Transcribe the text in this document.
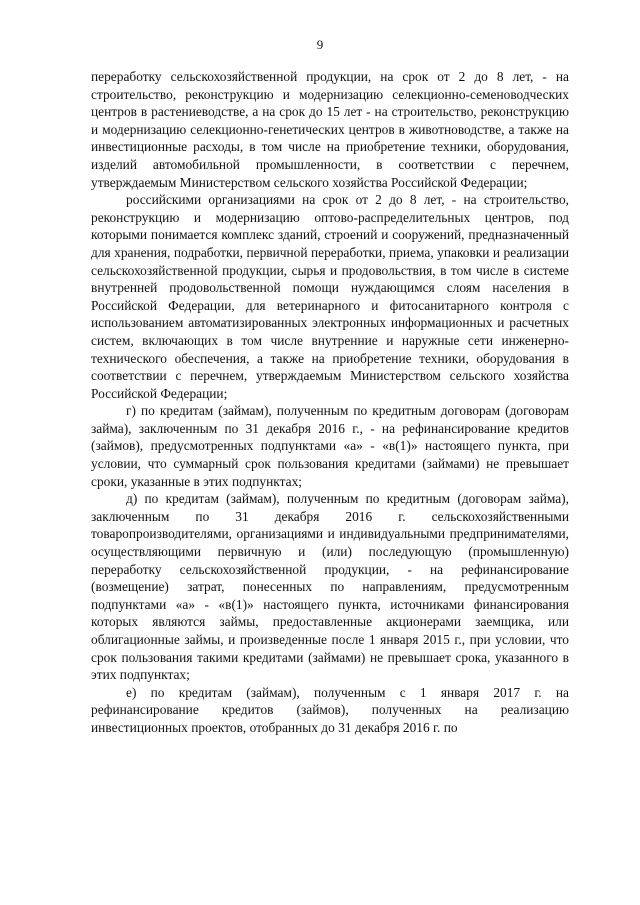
9

переработку сельскохозяйственной продукции, на срок от 2 до 8 лет, - на строительство, реконструкцию и модернизацию селекционно-семеноводческих центров в растениеводстве, а на срок до 15 лет - на строительство, реконструкцию и модернизацию селекционно-генетических центров в животноводстве, а также на инвестиционные расходы, в том числе на приобретение техники, оборудования, изделий автомобильной промышленности, в соответствии с перечнем, утверждаемым Министерством сельского хозяйства Российской Федерации;

российскими организациями на срок от 2 до 8 лет, - на строительство, реконструкцию и модернизацию оптово-распределительных центров, под которыми понимается комплекс зданий, строений и сооружений, предназначенный для хранения, подработки, первичной переработки, приема, упаковки и реализации сельскохозяйственной продукции, сырья и продовольствия, в том числе в системе внутренней продовольственной помощи нуждающимся слоям населения в Российской Федерации, для ветеринарного и фитосанитарного контроля с использованием автоматизированных электронных информационных и расчетных систем, включающих в том числе внутренние и наружные сети инженерно-технического обеспечения, а также на приобретение техники, оборудования в соответствии с перечнем, утверждаемым Министерством сельского хозяйства Российской Федерации;

г) по кредитам (займам), полученным по кредитным договорам (договорам займа), заключенным по 31 декабря 2016 г., - на рефинансирование кредитов (займов), предусмотренных подпунктами «а» - «в(1)» настоящего пункта, при условии, что суммарный срок пользования кредитами (займами) не превышает сроки, указанные в этих подпунктах;

д) по кредитам (займам), полученным по кредитным (договорам займа), заключенным по 31 декабря 2016 г. сельскохозяйственными товаропроизводителями, организациями и индивидуальными предпринимателями, осуществляющими первичную и (или) последующую (промышленную) переработку сельскохозяйственной продукции, - на рефинансирование (возмещение) затрат, понесенных по направлениям, предусмотренным подпунктами «а» - «в(1)» настоящего пункта, источниками финансирования которых являются займы, предоставленные акционерами заемщика, или облигационные займы, и произведенные после 1 января 2015 г., при условии, что срок пользования такими кредитами (займами) не превышает срока, указанного в этих подпунктах;

е) по кредитам (займам), полученным с 1 января 2017 г. на рефинансирование кредитов (займов), полученных на реализацию инвестиционных проектов, отобранных до 31 декабря 2016 г. по
